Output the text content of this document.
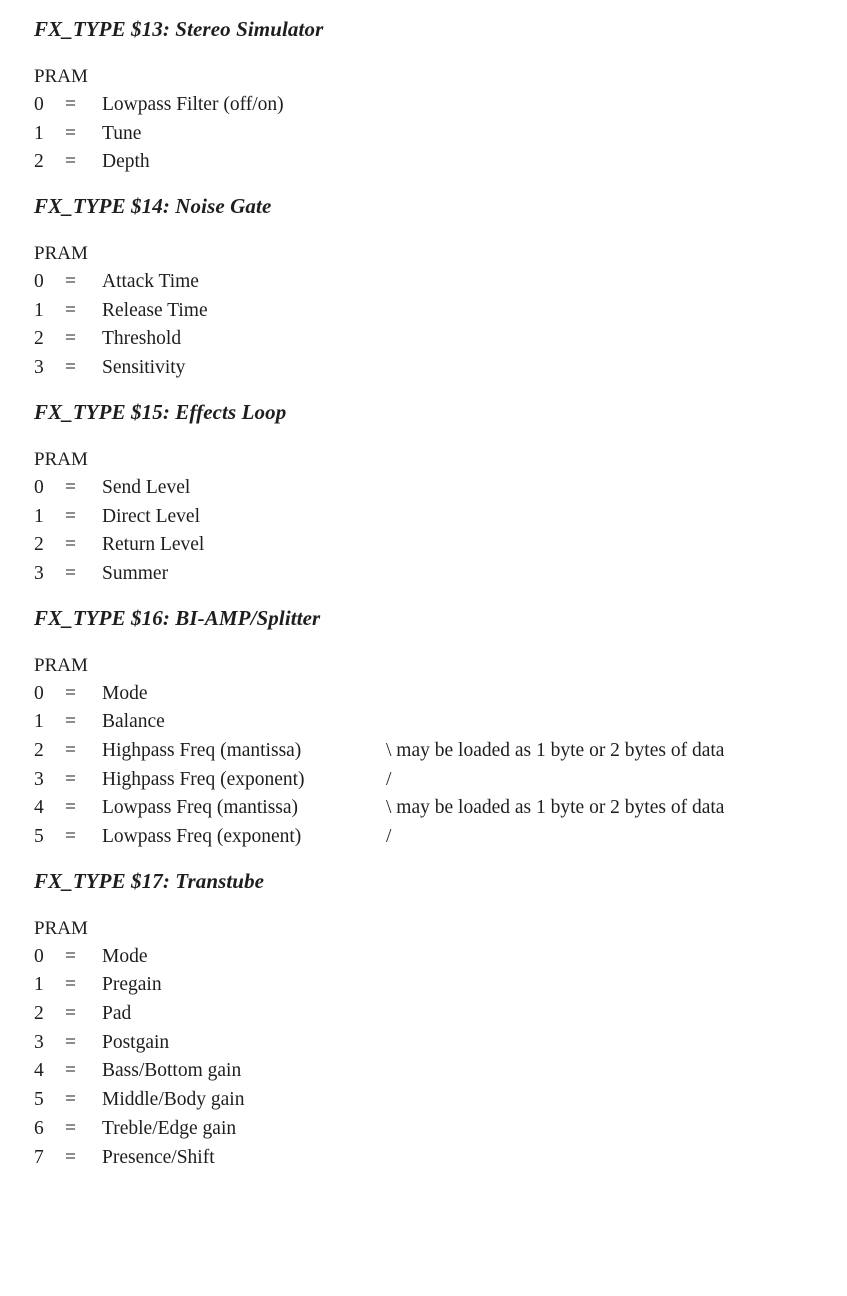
FX_TYPE $13: Stereo Simulator
PRAM
0 = Lowpass Filter (off/on)
1 = Tune
2 = Depth
FX_TYPE $14: Noise Gate
PRAM
0 = Attack Time
1 = Release Time
2 = Threshold
3 = Sensitivity
FX_TYPE $15: Effects Loop
PRAM
0 = Send Level
1 = Direct Level
2 = Return Level
3 = Summer
FX_TYPE $16: BI-AMP/Splitter
PRAM
0 = Mode
1 = Balance
2 = Highpass Freq (mantissa)	\ may be loaded as 1 byte or 2 bytes of data
3 = Highpass Freq (exponent)	/
4 = Lowpass Freq (mantissa)	\ may be loaded as 1 byte or 2 bytes of data
5 = Lowpass Freq (exponent)	/
FX_TYPE $17: Transtube
PRAM
0 = Mode
1 = Pregain
2 = Pad
3 = Postgain
4 = Bass/Bottom gain
5 = Middle/Body gain
6 = Treble/Edge gain
7 = Presence/Shift
